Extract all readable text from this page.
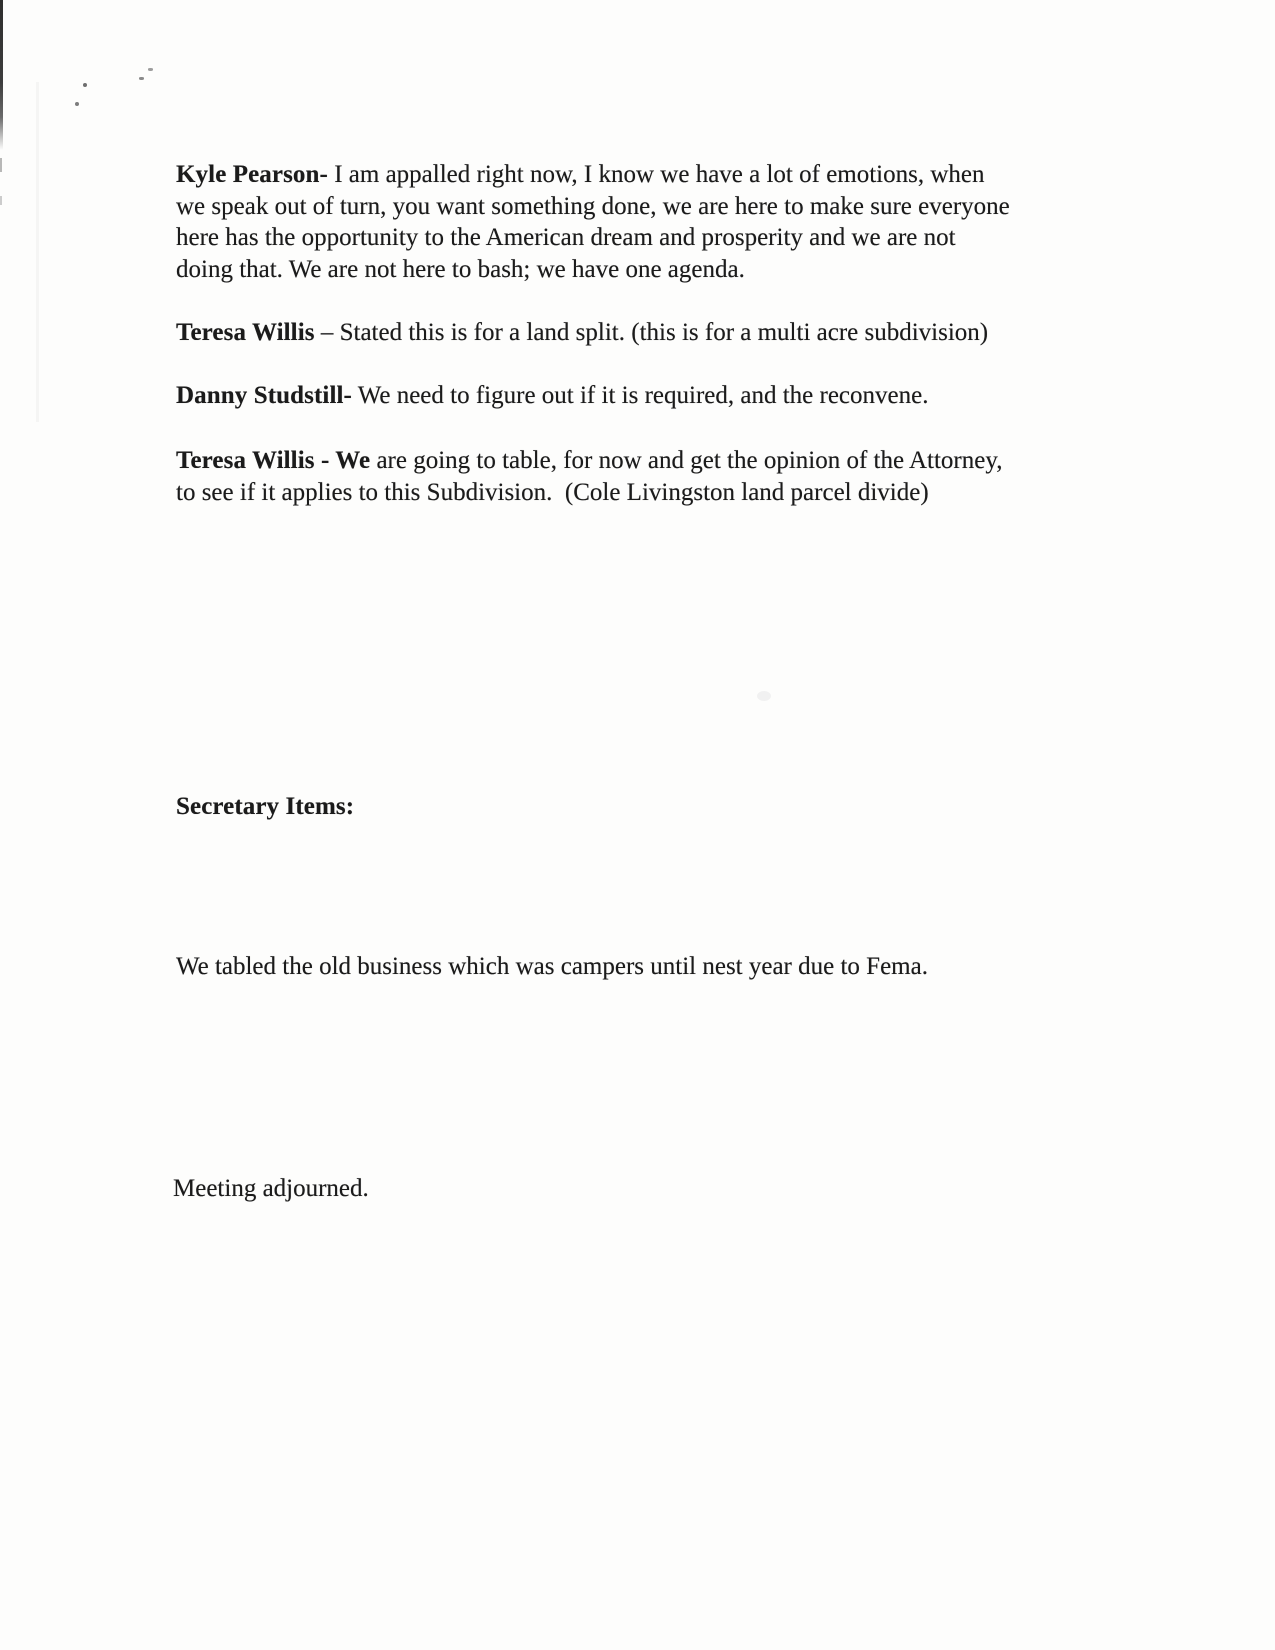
Kyle Pearson- I am appalled right now, I know we have a lot of emotions, when
we speak out of turn, you want something done, we are here to make sure everyone
here has the opportunity to the American dream and prosperity and we are not
doing that. We are not here to bash; we have one agenda.
Teresa Willis – Stated this is for a land split. (this is for a multi acre subdivision)
Danny Studstill- We need to figure out if it is required, and the reconvene.
Teresa Willis - We are going to table, for now and get the opinion of the Attorney,
to see if it applies to this Subdivision.  (Cole Livingston land parcel divide)
Secretary Items:
We tabled the old business which was campers until nest year due to Fema.
Meeting adjourned.
